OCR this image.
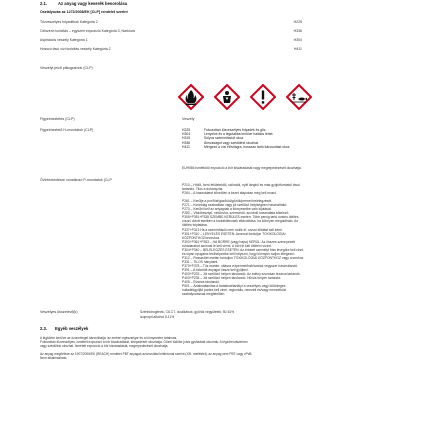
2.1.	Az anyag vagy keverék besorolása
Osztályozás az 1272/2008/EK [CLP] rendelet szerint
Tűzveszélyes folyadékok Kategória 2	H225
Célszervi toxicitás – egyszeri expozíció Kategória 3, Narkózis	H336
Aspirációs veszély Kategória 1	H304
Hosszú távú vízi toxicitás veszély Kategória 2	H411
Veszélyt jelző piktogramok (CLP)
Figyelmeztetés (CLP)	Veszély
Figyelmeztető H-mondatok (CLP)	H225	Fokozottan tűzveszélyes folyadék és gőz.
H304	Lenyelve és a légutakba kerülve halálos lehet.
H319	Súlyos szemirritációt okoz.
H336	Álmosságot vagy szédülést okozhat.
H411	Mérgező a vízi élővilágra, hosszan tartó károsodást okoz.
EUH066 Ismétlődő expozíció a bőr kiszáradását vagy megrepedezését okozhatja.
Óvintézkedésre vonatkozó P-mondatok (CLP
P210 – Hőtől, forró felületektől, szikrától, nyílt lángtól és más gyújtóforrástól távol
tartandó. Tilos a dohányzás.
P264 – A használatot követően a kezet alaposan meg kell mosni.
P261 – Kerülje a por/füst/gáz/köd/gőzök/permet belélegzését.
P271 – Kizárólag szabadban vagy jól szellőző helyiségben használható.
P273 – Kerülni kell az anyagnak a környezetbe való kijutását.
P280 – Védőkesztyű, védőruha, szemvédő, arcvédő használata kötelező.
P305+P351+P338 SZEMBE KERÜLÉS esetén: Több percig tartó óvatos öblítés
vízzel. Adott esetben a kontaktlencsék eltávolítása, ha könnyen megoldható. Az
öblítés folytatása.
P337+P313 Ha a szemirritáció nem múlik el: orvosi ellátást kell kérni.
P301+P310 – LENYELÉS ESETÉN: Azonnal forduljon TOXIKOLÓGIAI
KÖZPONTHOZ/orvoshoz.
P303+P361+P353 – HA BŐRRE (vagy hajra) KERÜL: Az összes szennyezett
ruhadarabot azonnal le kell venni. A bőrt le kell öblíteni vízzel.
P304+P340 – BELÉLEGZÉS ESETÉN: Az érintett személyt friss levegőre kell vinni,
és olyan nyugalmi testhelyzetbe kell helyezni, hogy könnyen tudjon lélegezni.
P312 – Rosszullét esetén forduljon TOXIKOLÓGIAI KÖZPONTHOZ vagy orvoshoz.
P331 – TILOS hánytatni.
P370+P378 – Tűz esetén: oltásra vízpermet/hab/száraz vegyszer használandó.
P391 – A kiömlött anyagot össze kell gyűjteni.
P403+P233 – Jól szellőző helyen tárolandó. Az edény szorosan lezárva tartandó.
P403+P235 – Jól szellőző helyen tárolandó. Hűvös helyen tartandó.
P405 – Elzárva tárolandó.
P501 – Ártalmatlanítás a tartalmat/tartályt a veszélyes vagy különleges
hulladékgyűjtő pontra kell vinni, regionális, nemzeti és/vagy nemzetközi
szabályozásnak megfelelően.
Veszélyes összetevő(k)	Szénhidrogének, C6-C7, izoalkánok, gyűrűs vegyületek; 50-51%
Izopropil-alkohol 5-11%
2.3. Egyéb veszélyek
A légkörbe kerülve az ózonréteget károsíthatja; az emberi egészségre és a környezetre ártalmas.
Fokozottan tűzveszélyes, ismételt expozíció a bőr kiszáradását, kirepedését okozhatja. Gőzei tüdőbe jutva gyulladást okoznak. A légzőrendszerben
vagy szédülést okozhat. Ismételt expozíció a bőr kiszáradását, megrepedezését okozhatja.
Az anyag megítélése az 1907/2006/EK (REACH) rendelet PBT anyagok azonosítási kritériumai szerint (XIII. melléklet): az anyag nem PBT vagy vPvB.
Nem alkalmazható.
